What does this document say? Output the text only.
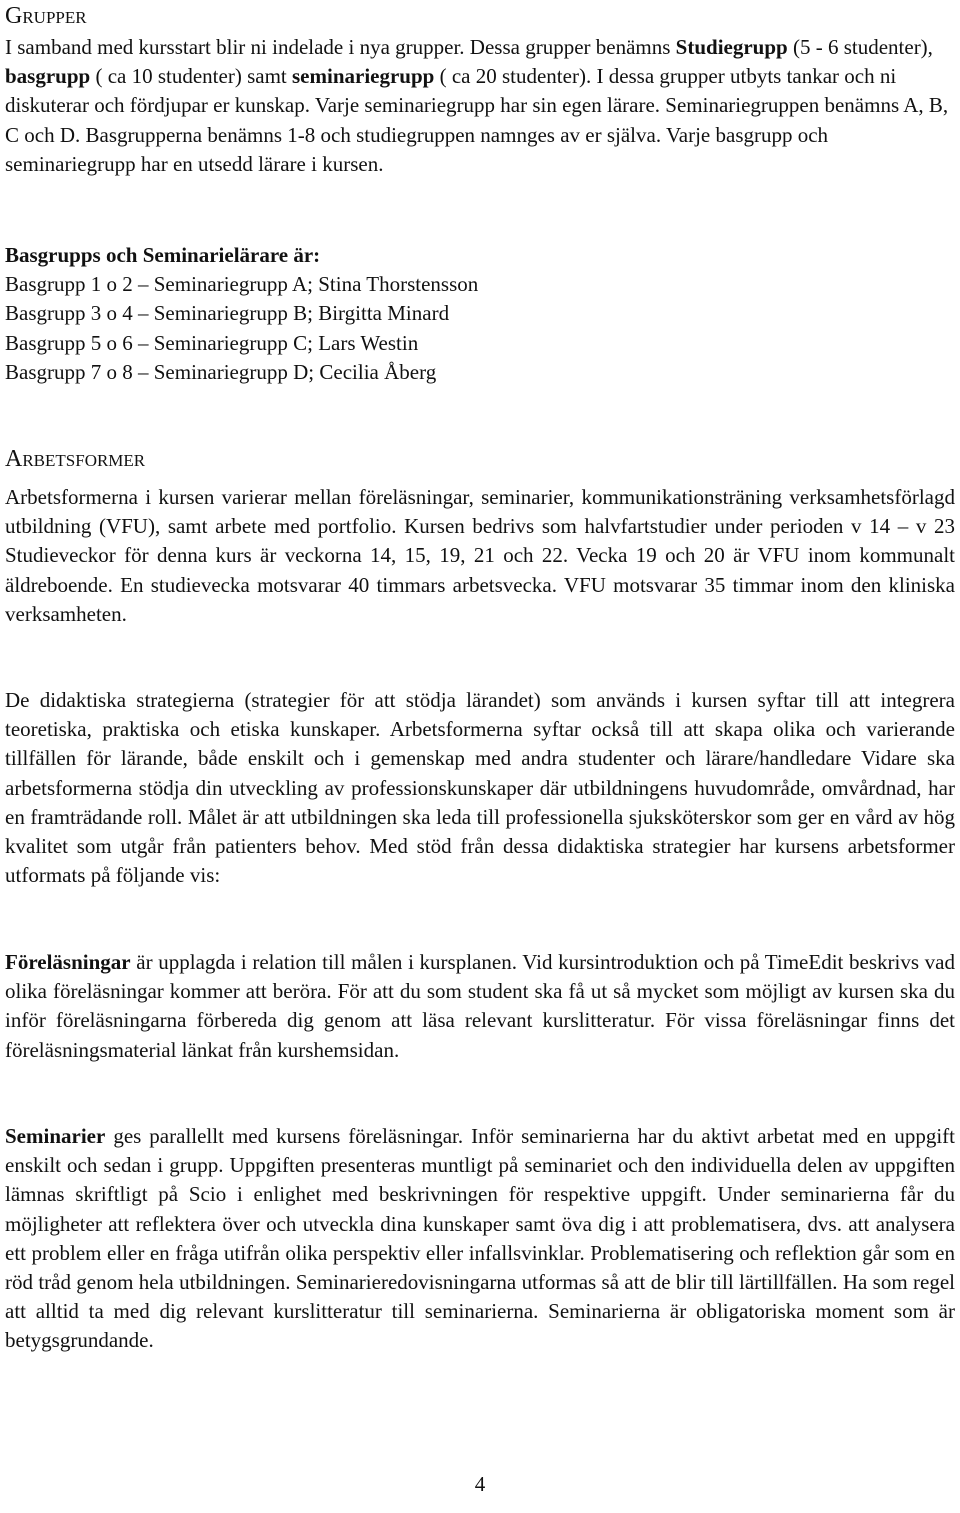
Grupper

I samband med kursstart blir ni indelade i nya grupper. Dessa grupper benämns Studiegrupp (5 - 6 studenter), basgrupp ( ca 10 studenter) samt seminariegrupp ( ca 20 studenter). I dessa grupper utbyts tankar och ni diskuterar och fördjupar er kunskap. Varje seminariegrupp har sin egen lärare. Seminariegruppen benämns A, B, C och D. Basgrupperna benämns 1-8 och studiegruppen namnges av er själva. Varje basgrupp och seminariegrupp har en utsedd lärare i kursen.

Basgrupps och Seminarielärare är:
Basgrupp 1 o 2 – Seminariegrupp A; Stina Thorstensson
Basgrupp 3 o 4 – Seminariegrupp B; Birgitta Minard
Basgrupp 5 o 6 – Seminariegrupp C; Lars Westin
Basgrupp 7 o 8 – Seminariegrupp D; Cecilia Åberg
Arbetsformer

Arbetsformerna i kursen varierar mellan föreläsningar, seminarier, kommunikationsträning verksamhetsförlagd utbildning (VFU), samt arbete med portfolio. Kursen bedrivs som halvfartstudier under perioden v 14 – v 23 Studieveckor för denna kurs är veckorna 14, 15, 19, 21 och 22. Vecka 19 och 20 är VFU inom kommunalt äldreboende. En studievecka motsvarar 40 timmars arbetsvecka. VFU motsvarar 35 timmar inom den kliniska verksamheten.

De didaktiska strategierna (strategier för att stödja lärandet) som används i kursen syftar till att integrera teoretiska, praktiska och etiska kunskaper. Arbetsformerna syftar också till att skapa olika och varierande tillfällen för lärande, både enskilt och i gemenskap med andra studenter och lärare/handledare Vidare ska arbetsformerna stödja din utveckling av professionskunskaper där utbildningens huvudområde, omvårdnad, har en framträdande roll. Målet är att utbildningen ska leda till professionella sjuksköterskor som ger en vård av hög kvalitet som utgår från patienters behov. Med stöd från dessa didaktiska strategier har kursens arbetsformer utformats på följande vis:

Föreläsningar är upplagda i relation till målen i kursplanen. Vid kursintroduktion och på TimeEdit beskrivs vad olika föreläsningar kommer att beröra. För att du som student ska få ut så mycket som möjligt av kursen ska du inför föreläsningarna förbereda dig genom att läsa relevant kurslitteratur. För vissa föreläsningar finns det föreläsningsmaterial länkat från kurshemsidan.

Seminarier ges parallellt med kursens föreläsningar. Inför seminarierna har du aktivt arbetat med en uppgift enskilt och sedan i grupp. Uppgiften presenteras muntligt på seminariet och den individuella delen av uppgiften lämnas skriftligt på Scio i enlighet med beskrivningen för respektive uppgift. Under seminarierna får du möjligheter att reflektera över och utveckla dina kunskaper samt öva dig i att problematisera, dvs. att analysera ett problem eller en fråga utifrån olika perspektiv eller infallsvinklar. Problematisering och reflektion går som en röd tråd genom hela utbildningen. Seminarieredovisningarna utformas så att de blir till lärtillfällen. Ha som regel att alltid ta med dig relevant kurslitteratur till seminarierna. Seminarierna är obligatoriska moment som är betygsgrundande.

4
